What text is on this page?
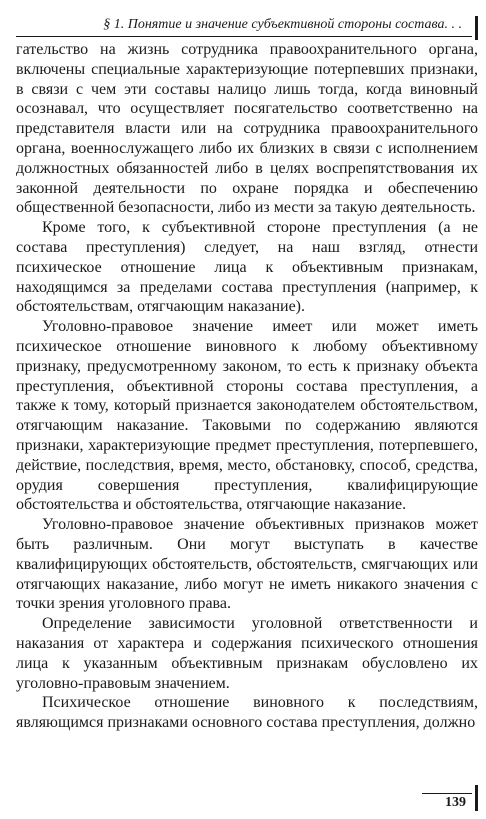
§ 1. Понятие и значение субъективной стороны состава. . .

гательство на жизнь сотрудника правоохранительного органа, включены специальные характеризующие потерпевших признаки, в связи с чем эти составы налицо лишь тогда, когда виновный осознавал, что осуществляет посягательство соответственно на представителя власти или на сотрудника правоохранительного органа, военнослужащего либо их близких в связи с исполнением должностных обязанностей либо в целях воспрепятствования их законной деятельности по охране порядка и обеспечению общественной безопасности, либо из мести за такую деятельность.

Кроме того, к субъективной стороне преступления (а не состава преступления) следует, на наш взгляд, отнести психическое отношение лица к объективным признакам, находящимся за пределами состава преступления (например, к обстоятельствам, отягчающим наказание).

Уголовно-правовое значение имеет или может иметь психическое отношение виновного к любому объективному признаку, предусмотренному законом, то есть к признаку объекта преступления, объективной стороны состава преступления, а также к тому, который признается законодателем обстоятельством, отягчающим наказание. Таковыми по содержанию являются признаки, характеризующие предмет преступления, потерпевшего, действие, последствия, время, место, обстановку, способ, средства, орудия совершения преступления, квалифицирующие обстоятельства и обстоятельства, отягчающие наказание.

Уголовно-правовое значение объективных признаков может быть различным. Они могут выступать в качестве квалифицирующих обстоятельств, обстоятельств, смягчающих или отягчающих наказание, либо могут не иметь никакого значения с точки зрения уголовного права.

Определение зависимости уголовной ответственности и наказания от характера и содержания психического отношения лица к указанным объективным признакам обусловлено их уголовно-правовым значением.

Психическое отношение виновного к последствиям, являющимся признаками основного состава преступления, должно

139
